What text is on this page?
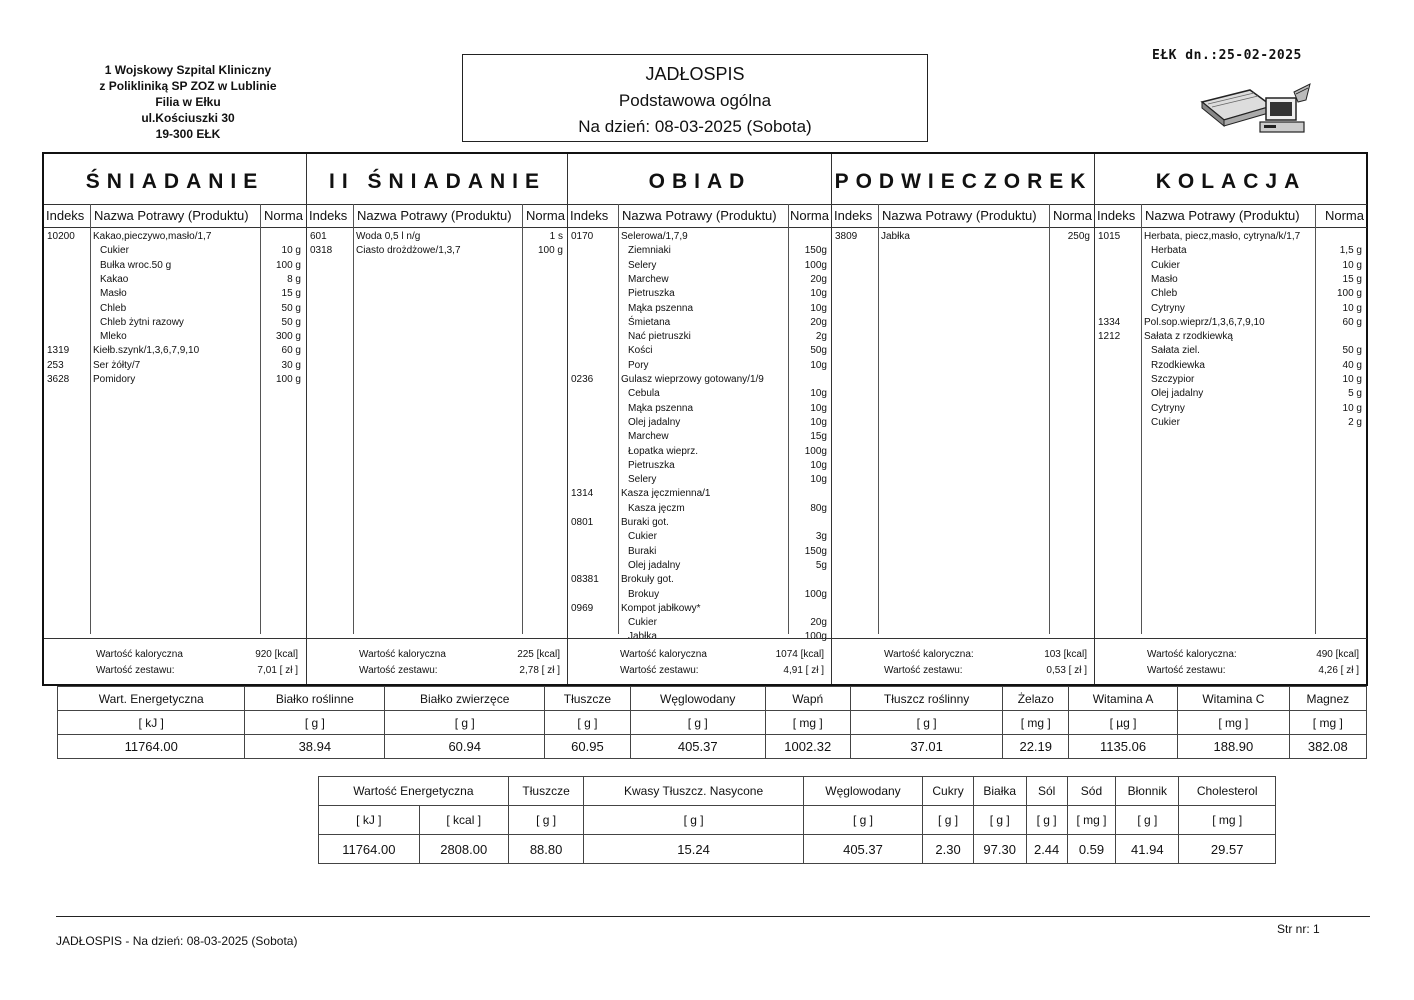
1 Wojskowy Szpital Kliniczny
z Polikliniką SP ZOZ w Lublinie
Filia w Ełku
ul.Kościuszki 30
19-300 EŁK
JADŁOSPIS
Podstawowa ogólna
Na dzień: 08-03-2025 (Sobota)
EŁK dn.:25-02-2025
ŚNIADANIE
Indeks Nazwa Potrawy (Produktu) Norma
10200 Kakao,pieczywo,masło/1,7
Cukier	10 g
Bułka wroc.50 g	100 g
Kakao	8 g
Masło	15 g
Chleb	50 g
Chleb żytni razowy	50 g
Mleko	300 g
1319 Kiełb.szynk/1,3,6,7,9,10	60 g
253	Ser żółty/7	30 g
3628 Pomidory	100 g
Wartość kaloryczna	920 [kcal]
Wartość zestawu:	7,01 [ zł ]
II ŚNIADANIE
Indeks Nazwa Potrawy (Produktu) Norma
601	Woda 0,5 l n/g	1 s
0318 Ciasto drożdżowe/1,3,7	100 g
Wartość kaloryczna	225 [kcal]
Wartość zestawu:	2,78 [ zł ]
OBIAD
Indeks Nazwa Potrawy (Produktu) Norma
0170	Selerowa/1,7,9
Ziemniaki	150g
Selery	100g
Marchew	20g
Pietruszka	10g
Mąka pszenna	10g
Śmietana	20g
Nać pietruszki	2g
Kości	50g
Pory	10g
0236	Gulasz wieprzowy gotowany/1/9
Cebula	10g
Mąka pszenna	10g
Olej jadalny	10g
Marchew	15g
Łopatka wieprz.	100g
Pietruszka	10g
Selery	10g
1314	Kasza jęczmienna/1
Kasza jęczm	80g
0801	Buraki got.
Cukier	3g
Buraki	150g
Olej jadalny	5g
08381 Brokuły got.
Brokuy	100g
0969	Kompot jabłkowy*
Cukier	20g
Jabłka	100g
Wartość kaloryczna	1074 [kcal]
Wartość zestawu:	4,91 [ zł ]
PODWIECZOREK
Indeks Nazwa Potrawy (Produktu) Norma
3809 Jabłka	250g
Wartość kaloryczna:	103 [kcal]
Wartość zestawu:	0,53 [ zł ]
KOLACJA
Indeks Nazwa Potrawy (Produktu) Norma
1015 Herbata, piecz,masło, cytryna/k/1,7
Herbata	1,5 g
Cukier	10 g
Masło	15 g
Chleb	100 g
Cytryny	10 g
1334 Pol.sop.wieprz/1,3,6,7,9,10	60 g
1212 Sałata z rzodkiewką
Sałata ziel.	50 g
Rzodkiewka	40 g
Szczypior	10 g
Olej jadalny	5 g
Cytryny	10 g
Cukier	2 g
Wartość kaloryczna:	490 [kcal]
Wartość zestawu:	4,26 [ zł ]
Wart. Energetyczna	Białko roślinne	Białko zwierzęce	Tłuszcze	Węglowodany	Wapń	Tłuszcz roślinny	Żelazo	Witamina A	Witamina C	Magnez
[ kJ ]	[ g ]	[ g ]	[ g ]	[ g ]	[ mg ]	[ g ]	[ mg ]	[ µg ]	[ mg ]	[ mg ]
11764.00	38.94	60.94	60.95	405.37	1002.32	37.01	22.19	1135.06	188.90	382.08
Wartość Energetyczna		Tłuszcze	Kwasy Tłuszcz. Nasycone	Węglowodany	Cukry	Białka	Sól	Sód	Błonnik	Cholesterol
[ kJ ]	[ kcal ]	[ g ]	[ g ]	[ g ]	[ g ]	[ g ]	[ g ]	[ mg ]	[ g ]	[ mg ]
11764.00	2808.00	88.80	15.24	405.37	2.30	97.30	2.44	0.59	41.94	29.57
JADŁOSPIS - Na dzień: 08-03-2025 (Sobota)
Str nr: 1
